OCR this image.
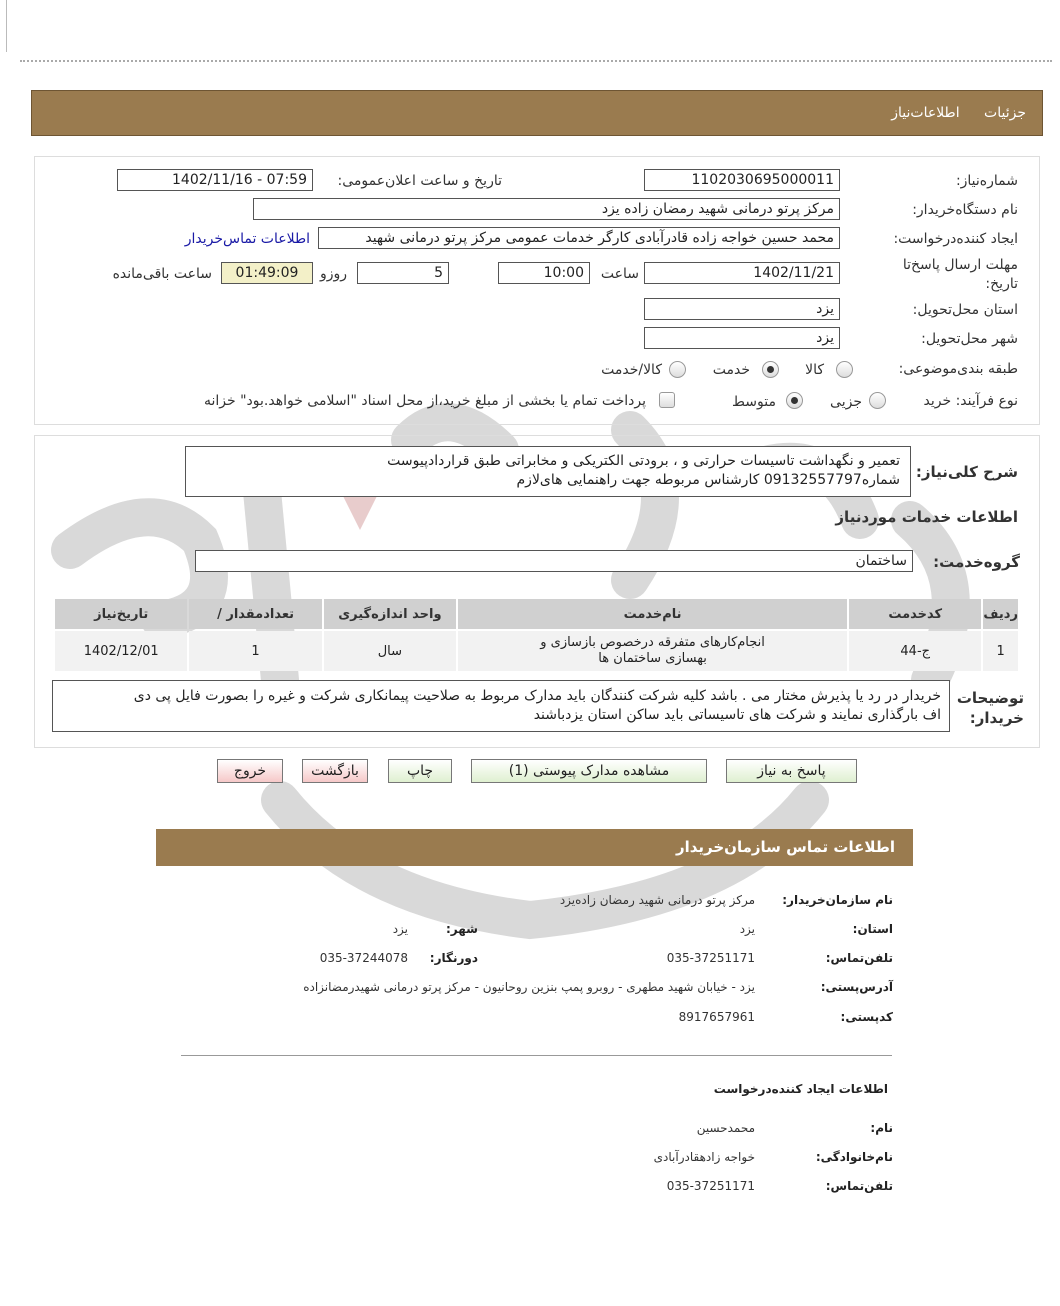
جزئیات اطلاعات‌نیاز
شماره‌نیاز:
1102030695000011
تاریخ و ساعت اعلان‌عمومی:
1402/11/16 - 07:59
نام دستگاه‌خریدار:
مرکز پرتو درمانی شهید رمضان زاده یزد
ایجاد کننده‌درخواست:
محمد حسین خواجه زاده قادرآبادی کارگر خدمات عمومی مرکز پرتو درمانی شهید
اطلاعات تماس‌خریدار
مهلت ارسال پاسخ‌تا تاریخ:
1402/11/21
ساعت
10:00
5
روزو
01:49:09
ساعت باقی‌مانده
استان محل‌تحویل:
یزد
شهر محل‌تحویل:
یزد
طبقه بندی‌موضوعی:
کالا
خدمت
کالا/خدمت
نوع فرآیند: خرید
جزیی
متوسط
پرداخت تمام یا بخشی از مبلغ خرید،از محل اسناد "اسلامی خواهد.بود" خزانه
شرح کلی‌نیاز:
تعمیر و نگهداشت تاسیسات حرارتی و ، برودتی الکتریکی و مخابراتی طبق قراردادپیوست
شماره09132557797 کارشناس مربوطه جهت راهنمایی های‌لازم
اطلاعات خدمات موردنیاز
گروه‌خدمت:
ساختمان
ردیف	کدخدمت	نام‌خدمت	واحد اندازه‌گیری	تعدادمقدار /	تاریخ‌نیاز
1	ج-44	انجام‌کارهای متفرقه درخصوص بازسازی و بهسازی ساختمان ها	سال	1	1402/12/01
توضیحات خریدار:
خریدار در رد یا پذیرش مختار می . باشد کلیه شرکت کنندگان باید مدارک مربوط به صلاحیت پیمانکاری شرکت و غیره را بصورت فایل پی دی
اف بارگذاری نمایند و شرکت های تاسیساتی باید ساکن استان یزدباشند
پاسخ به نیاز
مشاهده مدارک پیوستی (1)
چاپ
بازگشت
خروج
اطلاعات تماس سازمان‌خریدار
نام سازمان‌خریدار:
مرکز پرتو درمانی شهید رمضان زاده‌یزد
استان:
یزد
شهر:
یزد
تلفن‌تماس:
035-37251171
دورنگار:
035-37244078
آدرس‌پستی:
یزد - خیابان شهید مطهری - روبرو پمپ بنزین روحانیون - مرکز پرتو درمانی شهیدرمضانزاده
کدپستی:
8917657961
اطلاعات ایجاد کننده‌درخواست
نام:
محمدحسین
نام‌خانوادگی:
خواجه زادهقادرآبادی
تلفن‌تماس:
035-37251171
